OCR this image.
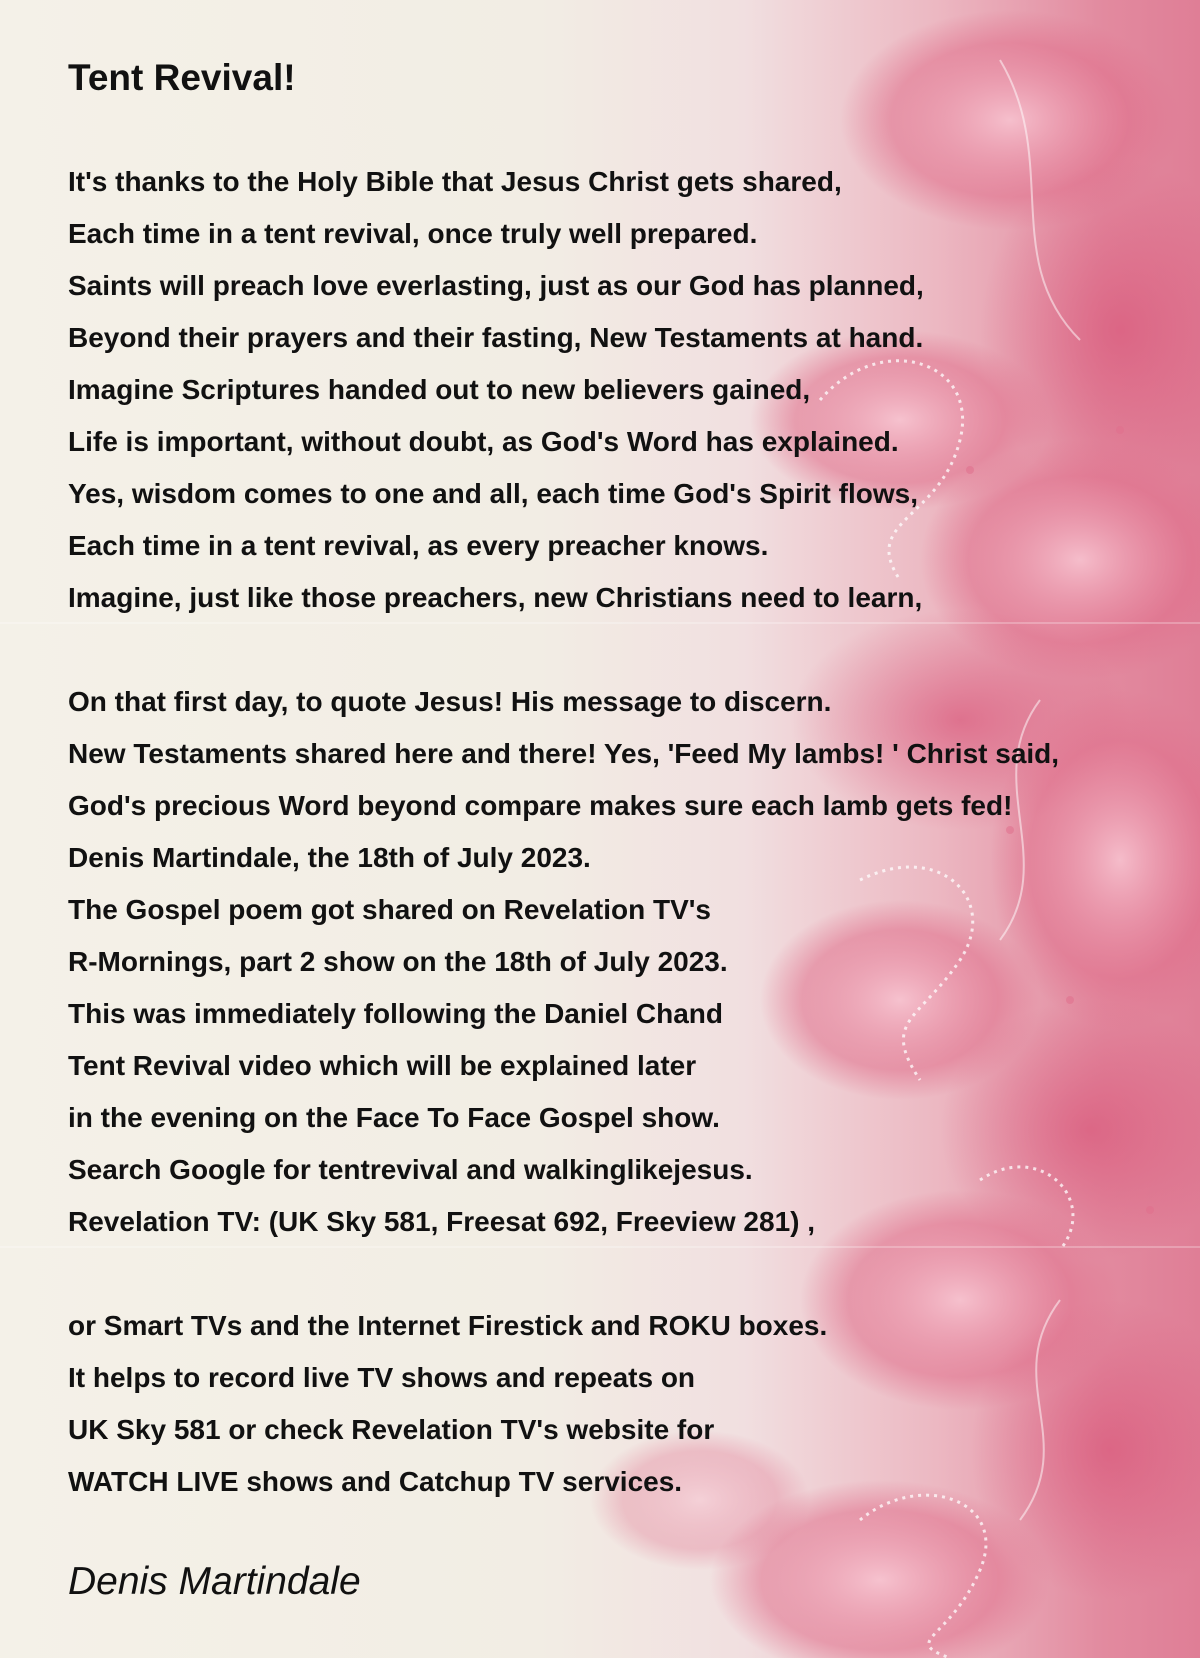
Tent Revival!
It's thanks to the Holy Bible that Jesus Christ gets shared,
Each time in a tent revival, once truly well prepared.
Saints will preach love everlasting, just as our God has planned,
Beyond their prayers and their fasting, New Testaments at hand.
Imagine Scriptures handed out to new believers gained,
Life is important, without doubt, as God's Word has explained.
Yes, wisdom comes to one and all, each time God's Spirit flows,
Each time in a tent revival, as every preacher knows.
Imagine, just like those preachers, new Christians need to learn,
On that first day, to quote Jesus! His message to discern.
New Testaments shared here and there! Yes, 'Feed My lambs! ' Christ said,
God's precious Word beyond compare makes sure each lamb gets fed!
Denis Martindale, the 18th of July 2023.
The Gospel poem got shared on Revelation TV's
R-Mornings, part 2 show on the 18th of July 2023.
This was immediately following the Daniel Chand
Tent Revival video which will be explained later
in the evening on the Face To Face Gospel show.
Search Google for tentrevival and walkinglikejesus.
Revelation TV: (UK Sky 581, Freesat 692, Freeview 281) ,
or Smart TVs and the Internet Firestick and ROKU boxes.
It helps to record live TV shows and repeats on
UK Sky 581 or check Revelation TV's website for
WATCH LIVE shows and Catchup TV services.
Denis Martindale
